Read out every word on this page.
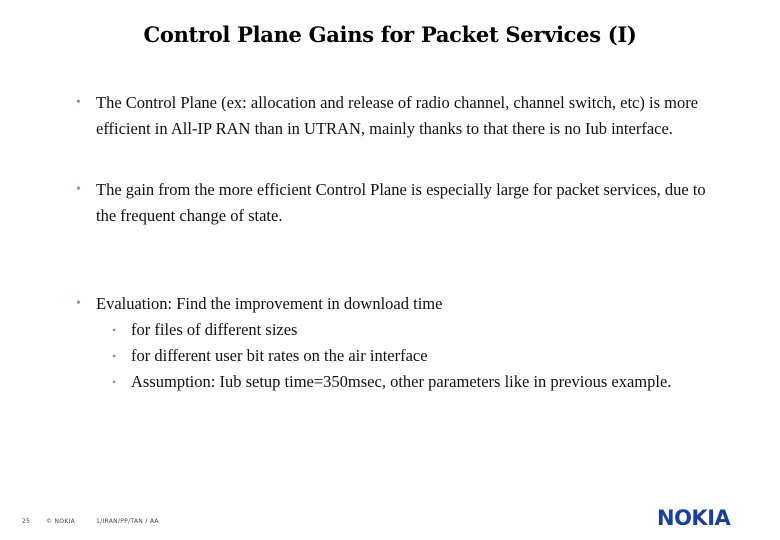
Control Plane Gains for Packet Services (I)
• The Control Plane (ex: allocation and release of radio channel, channel switch, etc) is more efficient in All-IP RAN than in UTRAN, mainly thanks to that there is no Iub interface.
• The gain from the more efficient Control Plane is especially large for packet services, due to the frequent change of state.
• Evaluation: Find the improvement in download time
• for files of different sizes
• for different user bit rates on the air interface
• Assumption: Iub setup time=350msec, other parameters like in previous example.
25	© NOKIA	1/IRAN/PP/TAN / AA	NOKIA
